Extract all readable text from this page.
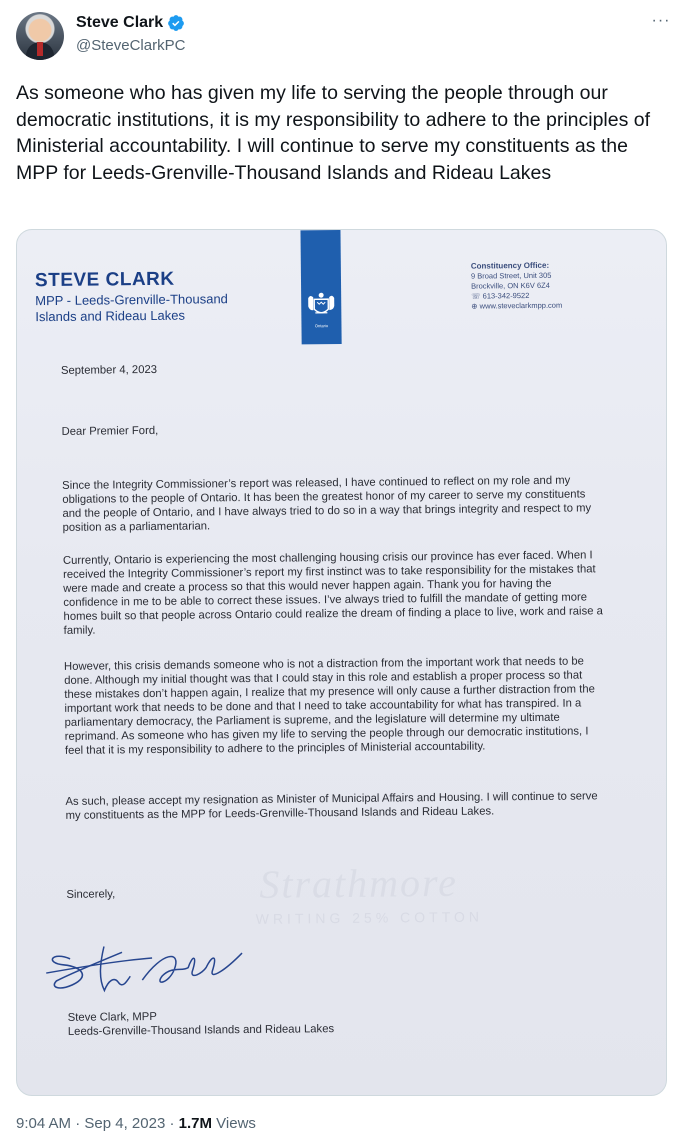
Steve Clark
@SteveClarkPC
···
As someone who has given my life to serving the people through our democratic institutions, it is my responsibility to adhere to the principles of Ministerial accountability. I will continue to serve my constituents as the MPP for Leeds-Grenville-Thousand Islands and Rideau Lakes
STEVE CLARK
MPP - Leeds-Grenville-Thousand
Islands and Rideau Lakes
Ontario
Constituency Office:
9 Broad Street, Unit 305
Brockville, ON K6V 6Z4
☏ 613-342-9522
⊕ www.steveclarkmpp.com
Strathmore
WRITING 25% COTTON
September 4, 2023
Dear Premier Ford,
Since the Integrity Commissioner’s report was released, I have continued to reflect on my role and my obligations to the people of Ontario. It has been the greatest honor of my career to serve my constituents and the people of Ontario, and I have always tried to do so in a way that brings integrity and respect to my position as a parliamentarian.
Currently, Ontario is experiencing the most challenging housing crisis our province has ever faced. When I received the Integrity Commissioner’s report my first instinct was to take responsibility for the mistakes that were made and create a process so that this would never happen again. Thank you for having the confidence in me to be able to correct these issues. I’ve always tried to fulfill the mandate of getting more homes built so that people across Ontario could realize the dream of finding a place to live, work and raise a family.
However, this crisis demands someone who is not a distraction from the important work that needs to be done. Although my initial thought was that I could stay in this role and establish a proper process so that these mistakes don’t happen again, I realize that my presence will only cause a further distraction from the important work that needs to be done and that I need to take accountability for what has transpired. In a parliamentary democracy, the Parliament is supreme, and the legislature will determine my ultimate reprimand. As someone who has given my life to serving the people through our democratic institutions, I feel that it is my responsibility to adhere to the principles of Ministerial accountability.
As such, please accept my resignation as Minister of Municipal Affairs and Housing. I will continue to serve my constituents as the MPP for Leeds-Grenville-Thousand Islands and Rideau Lakes.
Sincerely,
Steve Clark, MPP
Leeds-Grenville-Thousand Islands and Rideau Lakes
9:04 AM · Sep 4, 2023 · 1.7M Views
